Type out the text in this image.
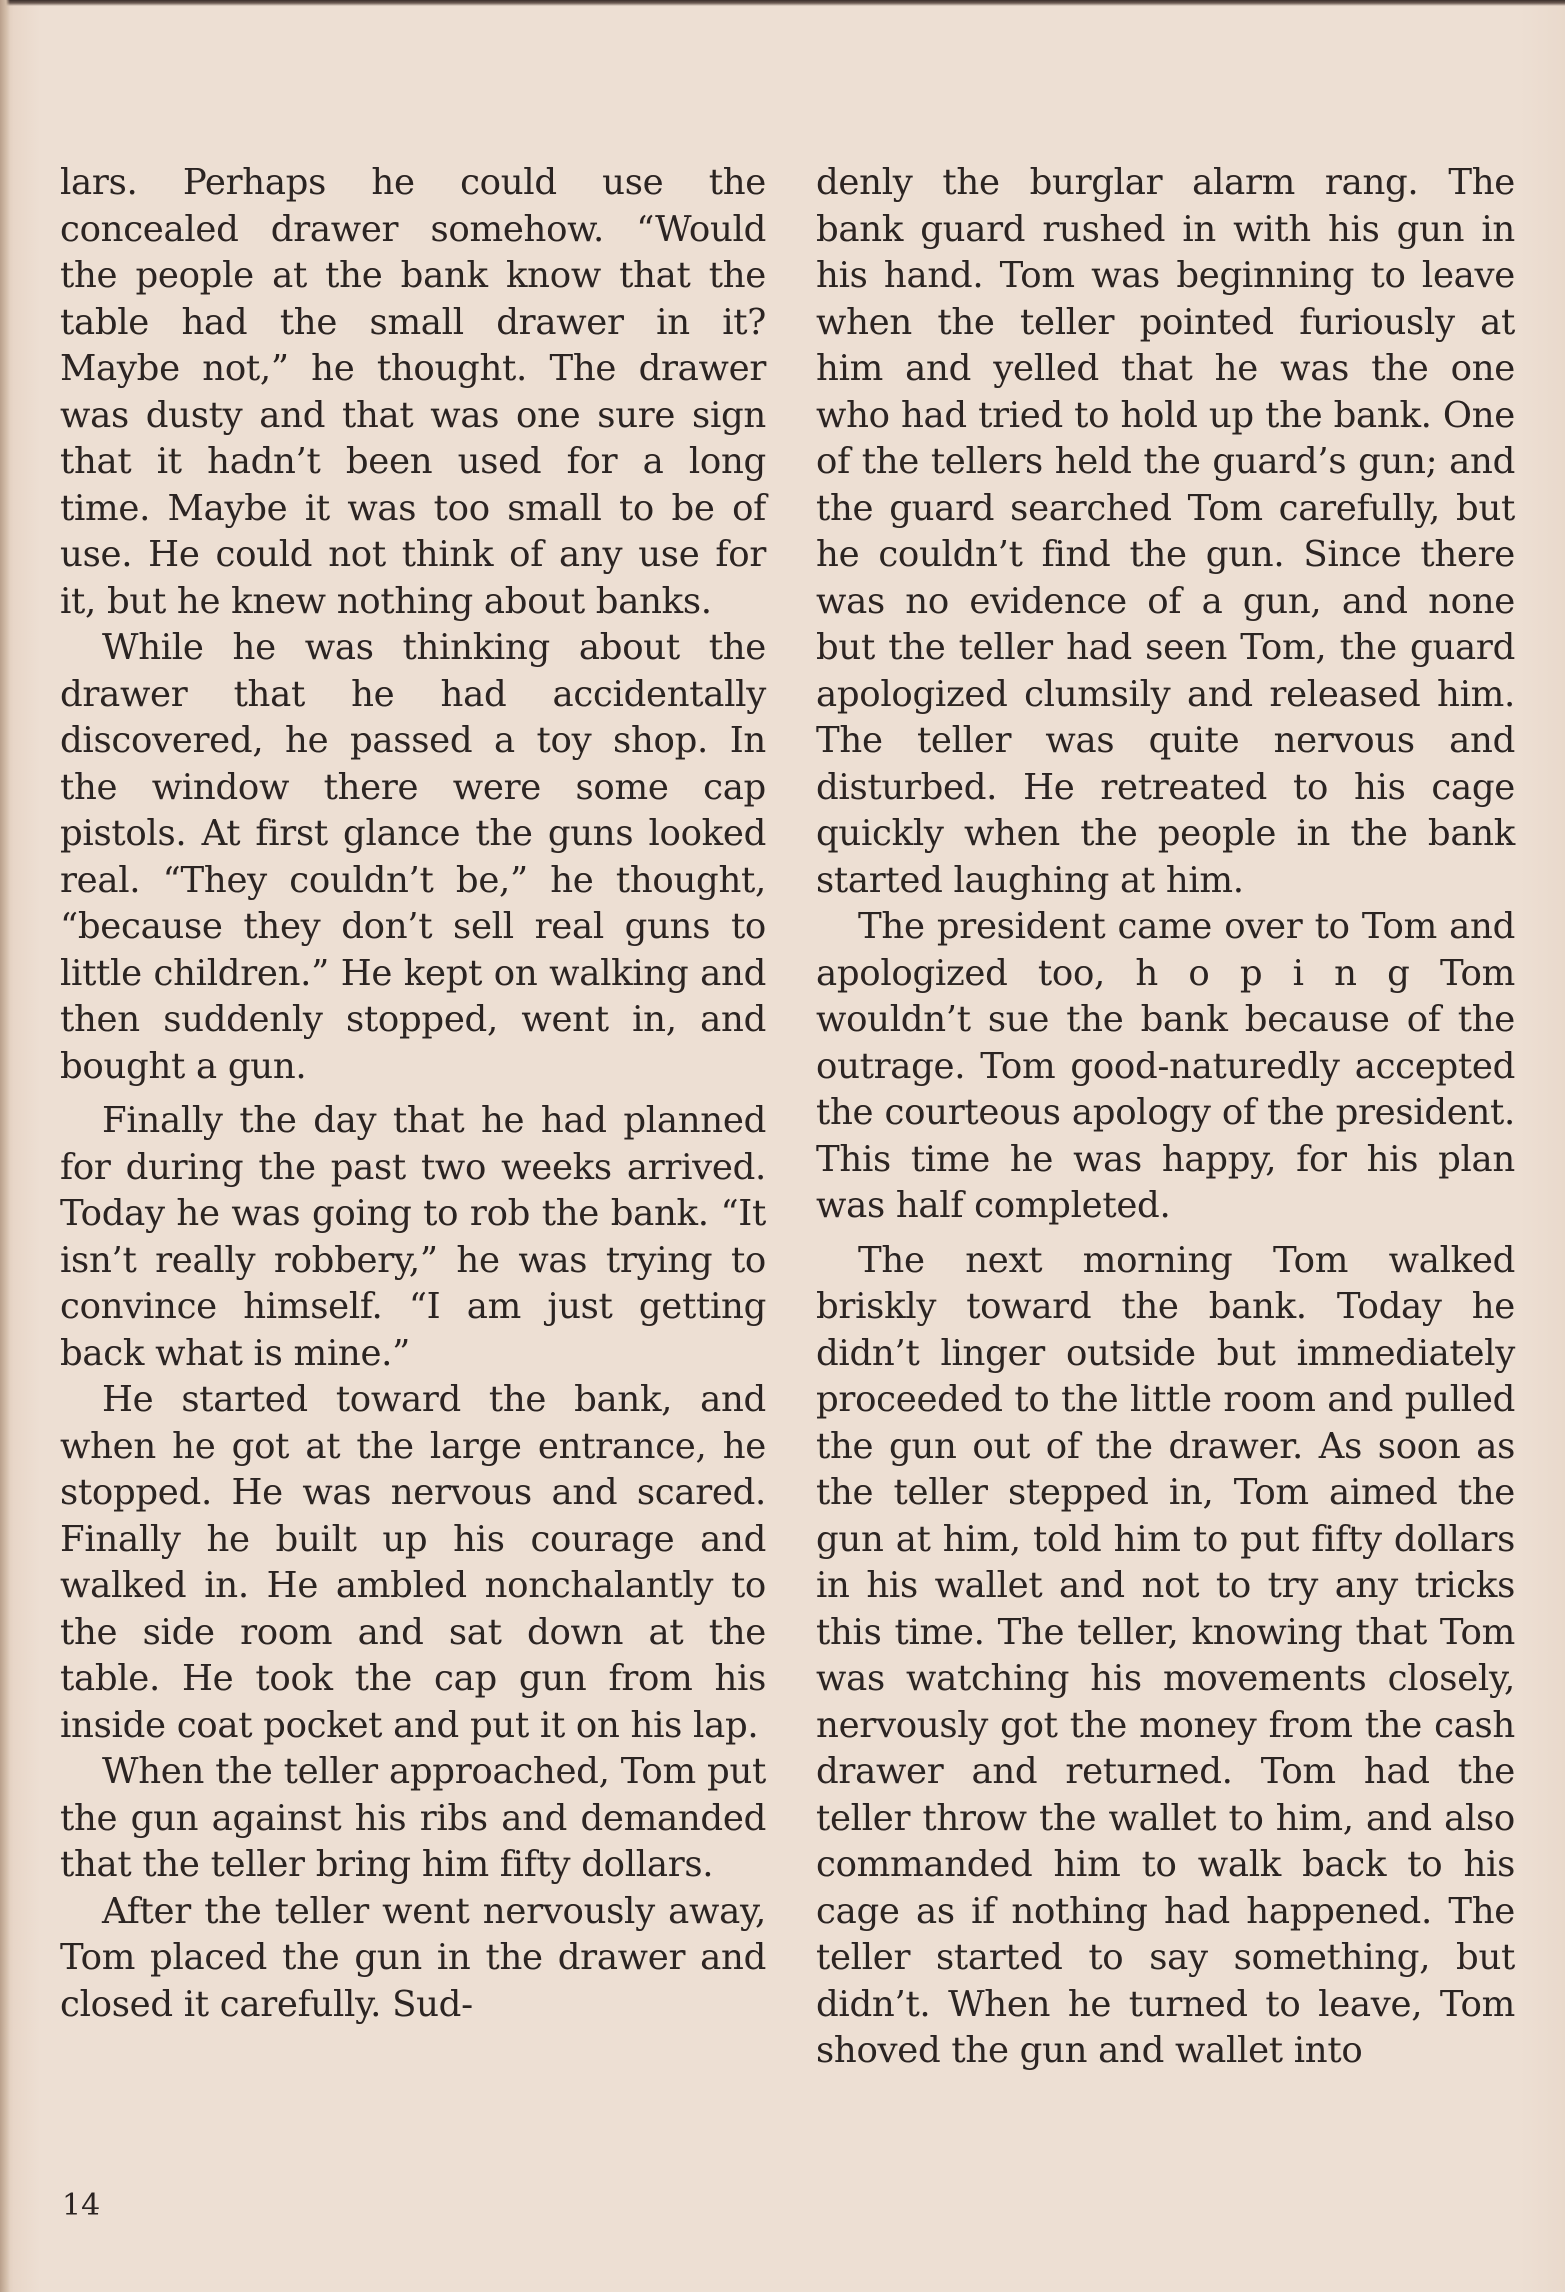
lars. Perhaps he could use the concealed drawer somehow. “Would the people at the bank know that the table had the small drawer in it? Maybe not,” he thought. The drawer was dusty and that was one sure sign that it hadn’t been used for a long time. Maybe it was too small to be of use. He could not think of any use for it, but he knew nothing about banks.

While he was thinking about the drawer that he had accidentally discovered, he passed a toy shop. In the window there were some cap pistols. At first glance the guns looked real. “They couldn’t be,” he thought, “because they don’t sell real guns to little children.” He kept on walking and then suddenly stopped, went in, and bought a gun.

Finally the day that he had planned for during the past two weeks arrived. Today he was going to rob the bank. “It isn’t really robbery,” he was trying to convince himself. “I am just getting back what is mine.”

He started toward the bank, and when he got at the large entrance, he stopped. He was nervous and scared. Finally he built up his courage and walked in. He ambled nonchalantly to the side room and sat down at the table. He took the cap gun from his inside coat pocket and put it on his lap.

When the teller approached, Tom put the gun against his ribs and demanded that the teller bring him fifty dollars.

After the teller went nervously away, Tom placed the gun in the drawer and closed it carefully. Sud-

denly the burglar alarm rang. The bank guard rushed in with his gun in his hand. Tom was beginning to leave when the teller pointed furiously at him and yelled that he was the one who had tried to hold up the bank. One of the tellers held the guard’s gun; and the guard searched Tom carefully, but he couldn’t find the gun. Since there was no evidence of a gun, and none but the teller had seen Tom, the guard apologized clumsily and released him. The teller was quite nervous and disturbed. He retreated to his cage quickly when the people in the bank started laughing at him.

The president came over to Tom and apologized too, h o p i n g Tom wouldn’t sue the bank because of the outrage. Tom good-naturedly accepted the courteous apology of the president. This time he was happy, for his plan was half completed.

The next morning Tom walked briskly toward the bank. Today he didn’t linger outside but immediately proceeded to the little room and pulled the gun out of the drawer. As soon as the teller stepped in, Tom aimed the gun at him, told him to put fifty dollars in his wallet and not to try any tricks this time. The teller, knowing that Tom was watching his movements closely, nervously got the money from the cash drawer and returned. Tom had the teller throw the wallet to him, and also commanded him to walk back to his cage as if nothing had happened. The teller started to say something, but didn’t. When he turned to leave, Tom shoved the gun and wallet into

14
